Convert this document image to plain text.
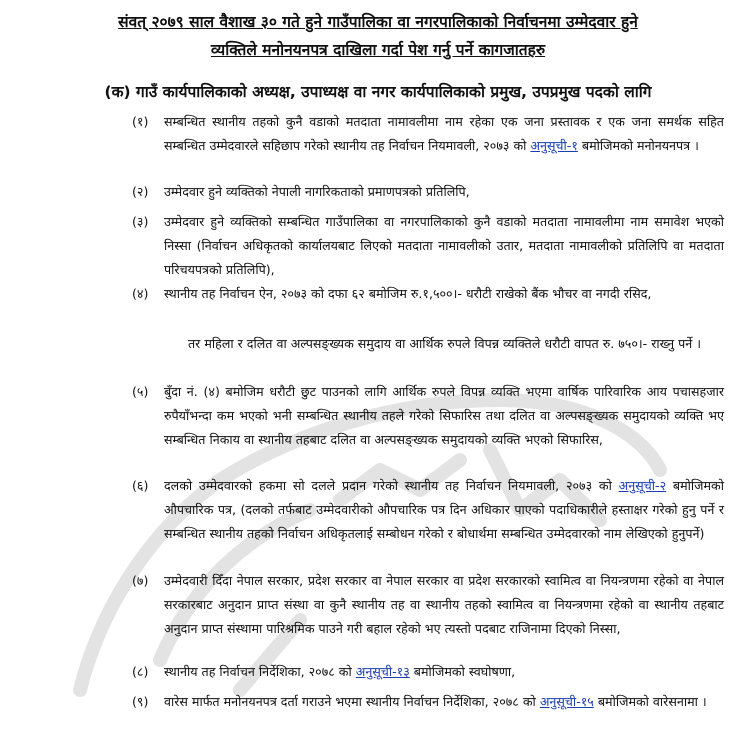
संवत् २०७९ साल वैशाख ३० गते हुने गाउँपालिका वा नगरपालिकाको निर्वाचनमा उम्मेदवार हुने
व्यक्तिले मनोनयनपत्र दाखिला गर्दा पेश गर्नु पर्ने कागजातहरु
(क) गाउँ कार्यपालिकाको अध्यक्ष, उपाध्यक्ष वा नगर कार्यपालिकाको प्रमुख, उपप्रमुख पदको लागि
(१)	सम्बन्धित स्थानीय तहको कुनै वडाको मतदाता नामावलीमा नाम रहेका एक जना प्रस्तावक र एक जना समर्थक सहित सम्बन्धित उम्मेदवारले सहिछाप गरेको स्थानीय तह निर्वाचन नियमावली, २०७३ को अनुसूची-१ बमोजिमको मनोनयनपत्र ।
(२)	उम्मेदवार हुने व्यक्तिको नेपाली नागरिकताको प्रमाणपत्रको प्रतिलिपि,
(३)	उम्मेदवार हुने व्यक्तिको सम्बन्धित गाउँपालिका वा नगरपालिकाको कुनै वडाको मतदाता नामावलीमा नाम समावेश भएको निस्सा (निर्वाचन अधिकृतको कार्यालयबाट लिएको मतदाता नामावलीको उतार, मतदाता नामावलीको प्रतिलिपि वा मतदाता परिचयपत्रको प्रतिलिपि),
(४)	स्थानीय तह निर्वाचन ऐन, २०७३ को दफा ६२ बमोजिम रु.१,५००।- धरौटी राखेको बैंक भौचर वा नगदी रसिद,
तर महिला र दलित वा अल्पसङ्ख्यक समुदाय वा आर्थिक रुपले विपन्न व्यक्तिले धरौटी वापत रु. ७५०।- राख्नु पर्ने ।
(५)	बुँदा नं. (४) बमोजिम धरौटी छुट पाउनको लागि आर्थिक रुपले विपन्न व्यक्ति भएमा वार्षिक पारिवारिक आय पचासहजार रुपैयाँभन्दा कम भएको भनी सम्बन्धित स्थानीय तहले गरेको सिफारिस तथा दलित वा अल्पसङ्ख्यक समुदायको व्यक्ति भए सम्बन्धित निकाय वा स्थानीय तहबाट दलित वा अल्पसङ्ख्यक समुदायको व्यक्ति भएको सिफारिस,
(६)	दलको उम्मेदवारको हकमा सो दलले प्रदान गरेको स्थानीय तह निर्वाचन नियमावली, २०७३ को अनुसूची-२ बमोजिमको औपचारिक पत्र, (दलको तर्फबाट उम्मेदवारीको औपचारिक पत्र दिन अधिकार पाएको पदाधिकारीले हस्ताक्षर गरेको हुनु पर्ने र सम्बन्धित स्थानीय तहको निर्वाचन अधिकृतलाई सम्बोधन गरेको र बोधार्थमा सम्बन्धित उम्मेदवारको नाम लेखिएको हुनुपर्ने)
(७)	उम्मेदवारी दिँदा नेपाल सरकार, प्रदेश सरकार वा नेपाल सरकार वा प्रदेश सरकारको स्वामित्व वा नियन्त्रणमा रहेको वा नेपाल सरकारबाट अनुदान प्राप्त संस्था वा कुनै स्थानीय तह वा स्थानीय तहको स्वामित्व वा नियन्त्रणमा रहेको वा स्थानीय तहबाट अनुदान प्राप्त संस्थामा पारिश्रमिक पाउने गरी बहाल रहेको भए त्यस्तो पदबाट राजिनामा दिएको निस्सा,
(८)	स्थानीय तह निर्वाचन निर्देशिका, २०७८ को अनुसूची-१३ बमोजिमको स्वघोषणा,
(९)	वारेस मार्फत मनोनयनपत्र दर्ता गराउने भएमा स्थानीय निर्वाचन निर्देशिका, २०७८ को अनुसूची-१५ बमोजिमको वारेसनामा ।
